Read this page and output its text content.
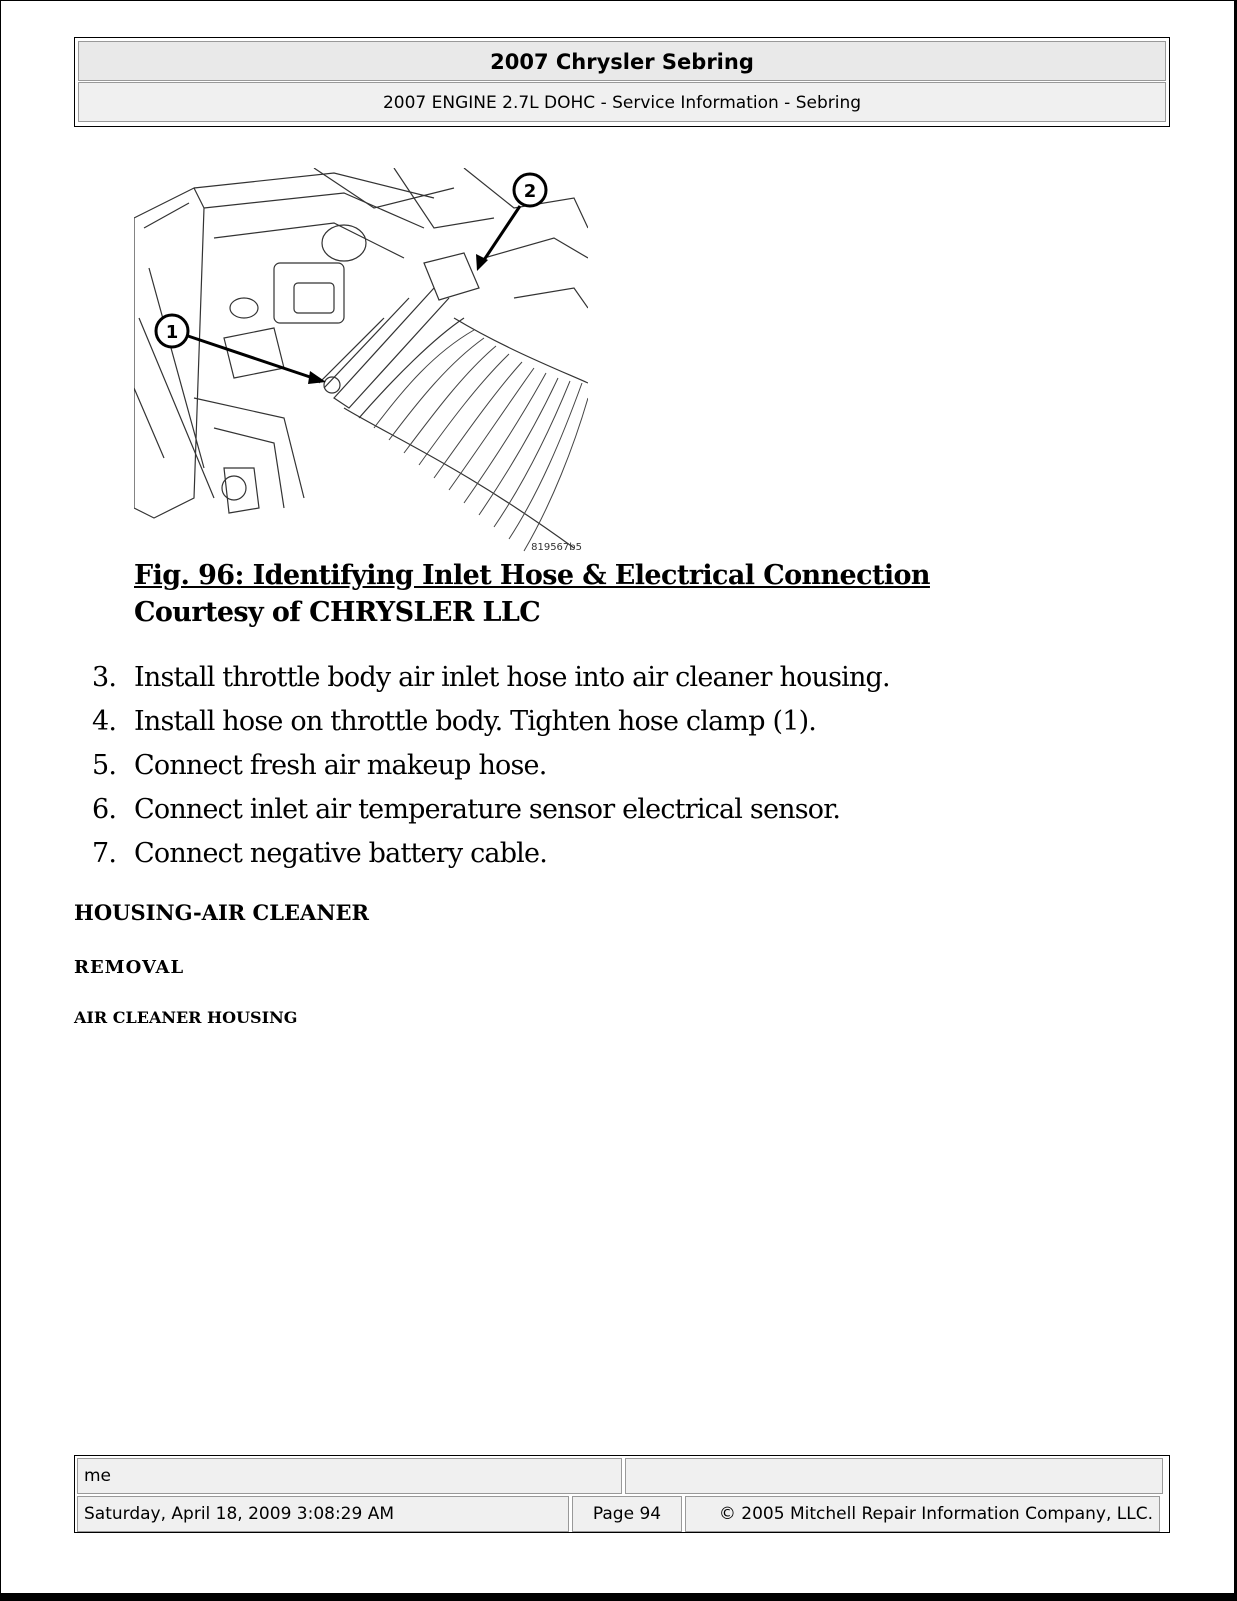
2007 Chrysler Sebring
2007 ENGINE 2.7L DOHC - Service Information - Sebring
1
2
819567b5
Fig. 96: Identifying Inlet Hose & Electrical Connection
Courtesy of CHRYSLER LLC
3. Install throttle body air inlet hose into air cleaner housing.
4. Install hose on throttle body. Tighten hose clamp (1).
5. Connect fresh air makeup hose.
6. Connect inlet air temperature sensor electrical sensor.
7. Connect negative battery cable.
HOUSING-AIR CLEANER
REMOVAL
AIR CLEANER HOUSING
me
Saturday, April 18, 2009 3:08:29 AM	Page 94	© 2005 Mitchell Repair Information Company, LLC.
